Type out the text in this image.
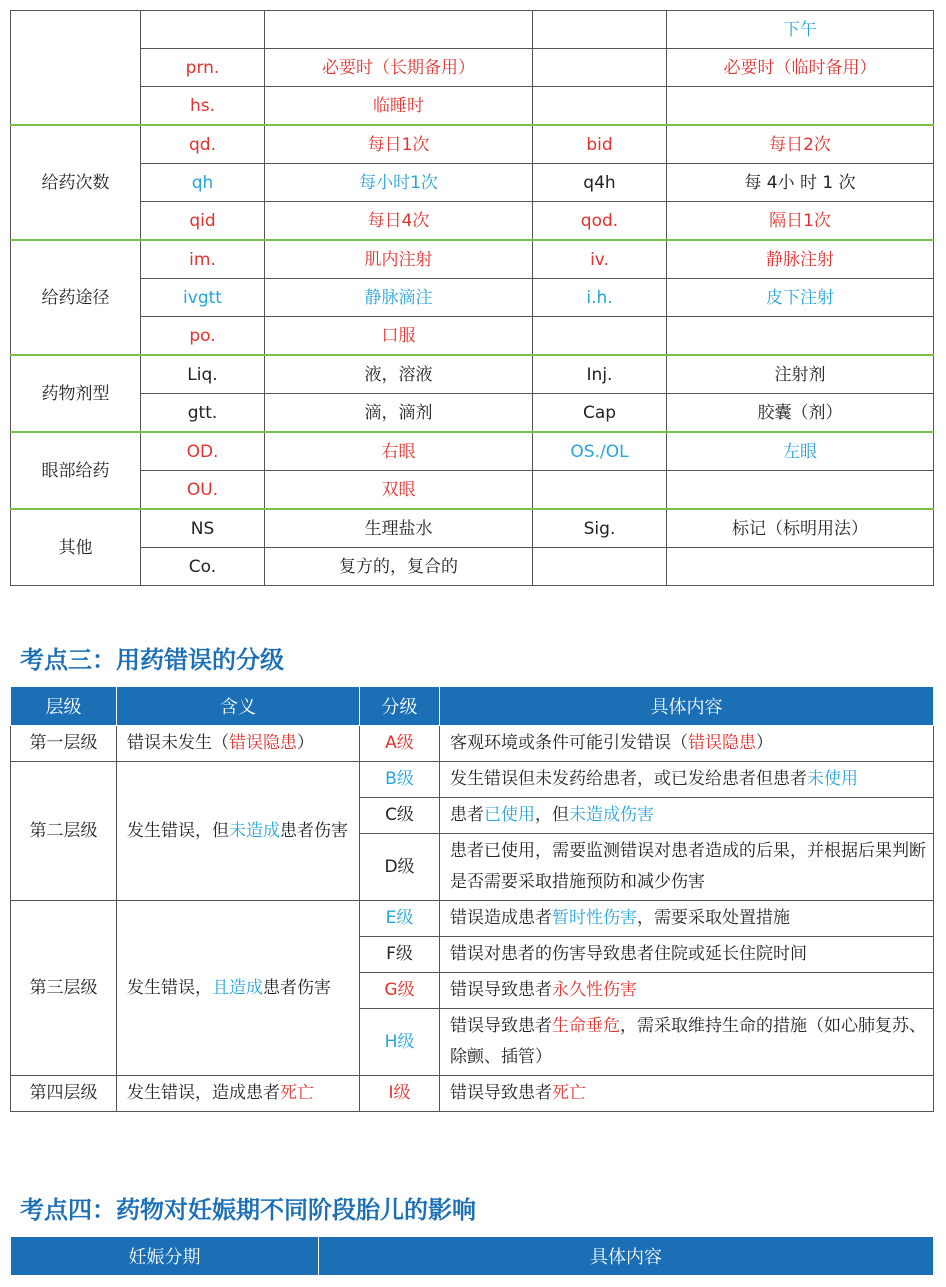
				下午
	prn.	必要时（长期备用）		必要时（临时备用）
	hs.	临睡时		
给药次数	qd.	每日1次	bid	每日2次
	qh	每小时1次	q4h	每 4小 时 1 次
	qid	每日4次	qod.	隔日1次
给药途径	im.	肌内注射	iv.	静脉注射
	ivgtt	静脉滴注	i.h.	皮下注射
	po.	口服		
药物剂型	Liq.	液，溶液	Inj.	注射剂
	gtt.	滴，滴剂	Cap	胶囊（剂）
眼部给药	OD.	右眼	OS./OL	左眼
	OU.	双眼		
其他	NS	生理盐水	Sig.	标记（标明用法）
	Co.	复方的，复合的		
考点三：用药错误的分级
层级	含义	分级	具体内容
第一层级	错误未发生（错误隐患）	A级	客观环境或条件可能引发错误（错误隐患）
第二层级	发生错误，但未造成患者伤害	B级	发生错误但未发药给患者，或已发给患者但患者未使用
		C级	患者已使用，但未造成伤害
		D级	患者已使用，需要监测错误对患者造成的后果，并根据后果判断是否需要采取措施预防和减少伤害
第三层级	发生错误，且造成患者伤害	E级	错误造成患者暂时性伤害，需要采取处置措施
		F级	错误对患者的伤害导致患者住院或延长住院时间
		G级	错误导致患者永久性伤害
		H级	错误导致患者生命垂危，需采取维持生命的措施（如心肺复苏、除颤、插管）
第四层级	发生错误，造成患者死亡	I级	错误导致患者死亡
考点四：药物对妊娠期不同阶段胎儿的影响
妊娠分期	具体内容
